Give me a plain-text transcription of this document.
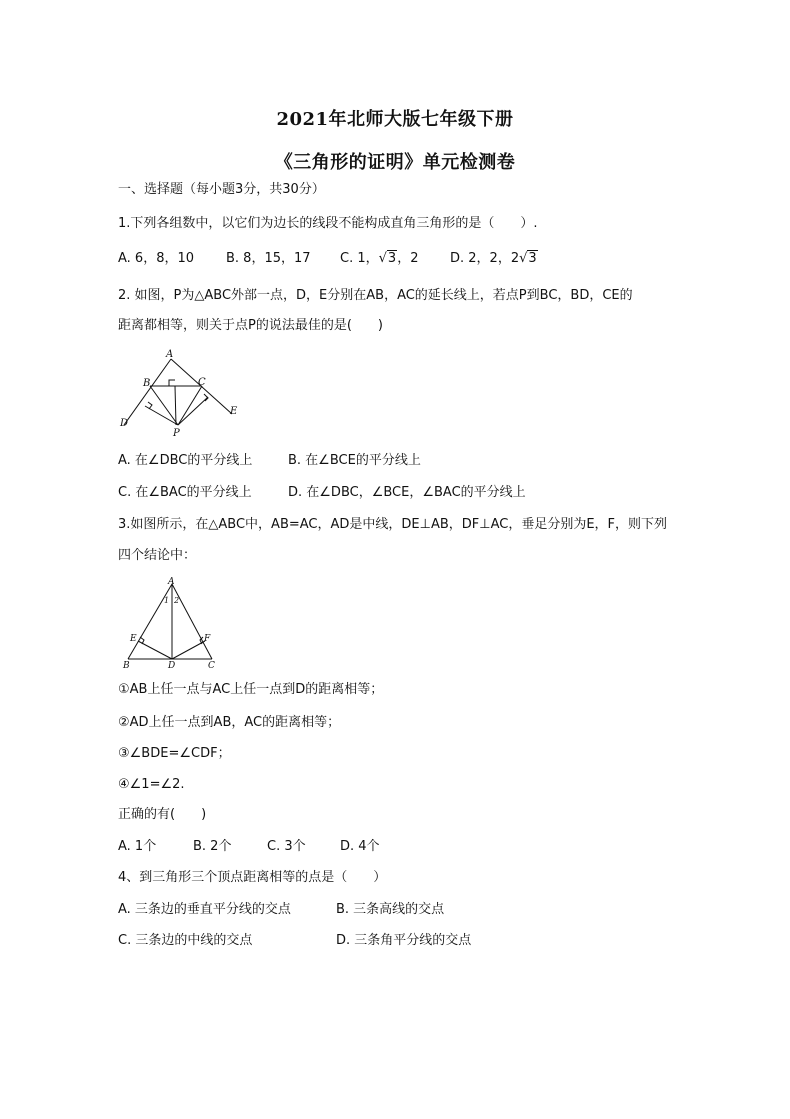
2021年北师大版七年级下册
《三角形的证明》单元检测卷
一、选择题（每小题3分，共30分）
1.下列各组数中，以它们为边长的线段不能构成直角三角形的是（　　）.
A. 6，8，10 B. 8，15，17 C. 1，√3，2 D. 2，2，2√3
2. 如图，P为△ABC外部一点，D，E分别在AB，AC的延长线上，若点P到BC，BD，CE的
距离都相等，则关于点P的说法最佳的是(　　)
A
B	C
D
E
P
A. 在∠DBC的平分线上	B. 在∠BCE的平分线上
C. 在∠BAC的平分线上	D. 在∠DBC，∠BCE，∠BAC的平分线上
3.如图所示，在△ABC中，AB=AC，AD是中线，DE⊥AB，DF⊥AC，垂足分别为E，F，则下列
四个结论中：
A
1 2
E	F
B	D	C
①AB上任一点与AC上任一点到D的距离相等；
②AD上任一点到AB，AC的距离相等；
③∠BDE=∠CDF；
④∠1=∠2.
正确的有(　　)
A. 1个	B. 2个	C. 3个	D. 4个
4、到三角形三个顶点距离相等的点是（　　）
A. 三条边的垂直平分线的交点	B. 三条高线的交点
C. 三条边的中线的交点	D. 三条角平分线的交点
